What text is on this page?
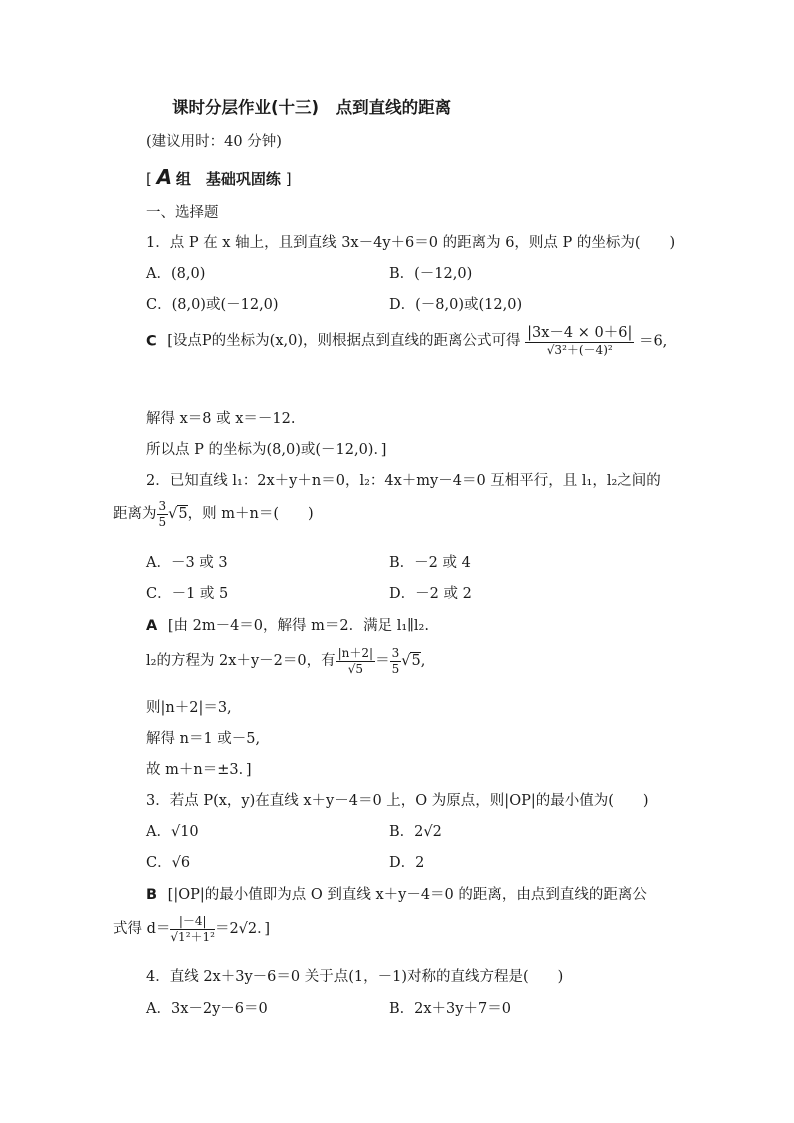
课时分层作业(十三)　点到直线的距离
(建议用时：40 分钟)
[ A 组　基础巩固练 ]
一、选择题
1．点 P 在 x 轴上，且到直线 3x－4y＋6＝0 的距离为 6，则点 P 的坐标为(　　)
A．(8,0)	B．(－12,0)
C．(8,0)或(－12,0)	D．(－8,0)或(12,0)
C [设点P的坐标为(x,0)，则根据点到直线的距离公式可得 $\frac{|3x-4 \times 0+6|}{\text{√3²＋(－4)²}} =6$,
解得 x＝8 或 x＝－12.
所以点 P 的坐标为(8,0)或(－12,0)．]
2．已知直线 l₁：2x＋y＋n＝0，l₂：4x＋my－4＝0 互相平行，且 l₁，l₂之间的
距离为 $\frac{3}{5} √5$，则 m＋n＝(　　)
A．－3 或 3	B．－2 或 4
C．－1 或 5	D．－2 或 2
A [由 2m－4＝0，解得 m＝2．满足 l₁∥l₂.
l₂的方程为 2x＋y－2＝0，有 $\frac{|n+2|}{√5} = \frac{3}{5} √5$,
则|n＋2|＝3,
解得 n＝1 或－5,
故 m＋n＝±3．]
3．若点 P(x，y)在直线 x＋y－4＝0 上，O 为原点，则|OP|的最小值为(　　)
A．√10	B．2√2
C．√6	D．2
B [|OP|的最小值即为点 O 到直线 x＋y－4＝0 的距离，由点到直线的距离公
式得 $d= \frac{|-4|}{\text{√1²＋1²}} =2√2$．]
4．直线 2x＋3y－6＝0 关于点(1，－1)对称的直线方程是(　　)
A．3x－2y－6＝0	B．2x＋3y＋7＝0
